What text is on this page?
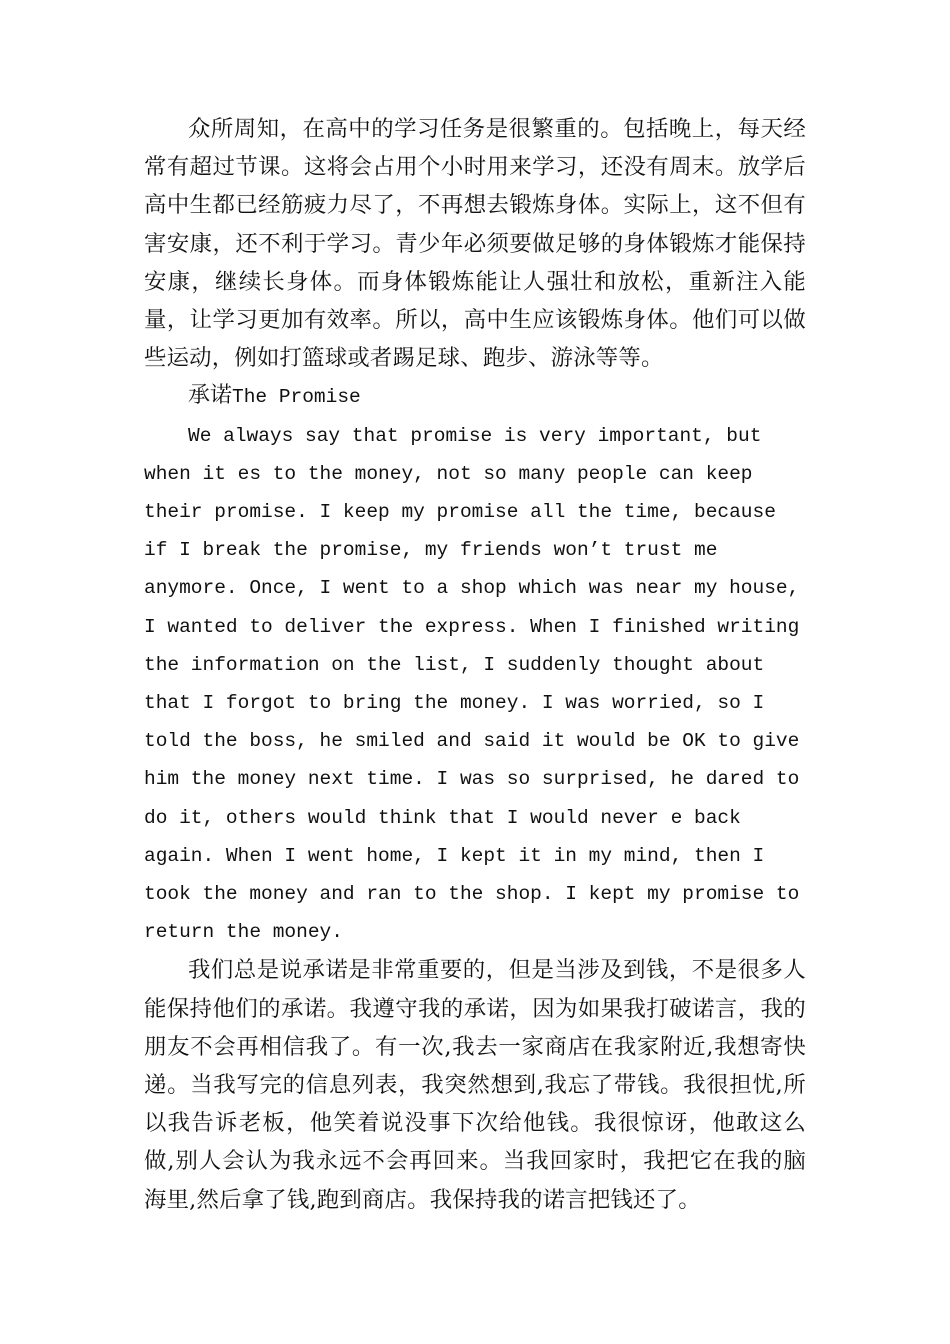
众所周知，在高中的学习任务是很繁重的。包括晚上，每天经常有超过节课。这将会占用个小时用来学习，还没有周末。放学后高中生都已经筋疲力尽了，不再想去锻炼身体。实际上，这不但有害安康，还不利于学习。青少年必须要做足够的身体锻炼才能保持安康，继续长身体。而身体锻炼能让人强壮和放松，重新注入能量，让学习更加有效率。所以，高中生应该锻炼身体。他们可以做些运动，例如打篮球或者踢足球、跑步、游泳等等。

承诺The Promise

We always say that promise is very important, but when it es to the money, not so many people can keep their promise. I keep my promise all the time, because if I break the promise, my friends won’t trust me anymore. Once, I went to a shop which was near my house, I wanted to deliver the express. When I finished writing the information on the list, I suddenly thought about that I forgot to bring the money. I was worried, so I told the boss, he smiled and said it would be OK to give him the money next time. I was so surprised, he dared to do it, others would think that I would never e back again. When I went home, I kept it in my mind, then I took the money and ran to the shop. I kept my promise to return the money.

我们总是说承诺是非常重要的，但是当涉及到钱，不是很多人能保持他们的承诺。我遵守我的承诺，因为如果我打破诺言，我的朋友不会再相信我了。有一次,我去一家商店在我家附近,我想寄快递。当我写完的信息列表，我突然想到,我忘了带钱。我很担忧,所以我告诉老板，他笑着说没事下次给他钱。我很惊讶，他敢这么做,别人会认为我永远不会再回来。当我回家时，我把它在我的脑海里,然后拿了钱,跑到商店。我保持我的诺言把钱还了。
